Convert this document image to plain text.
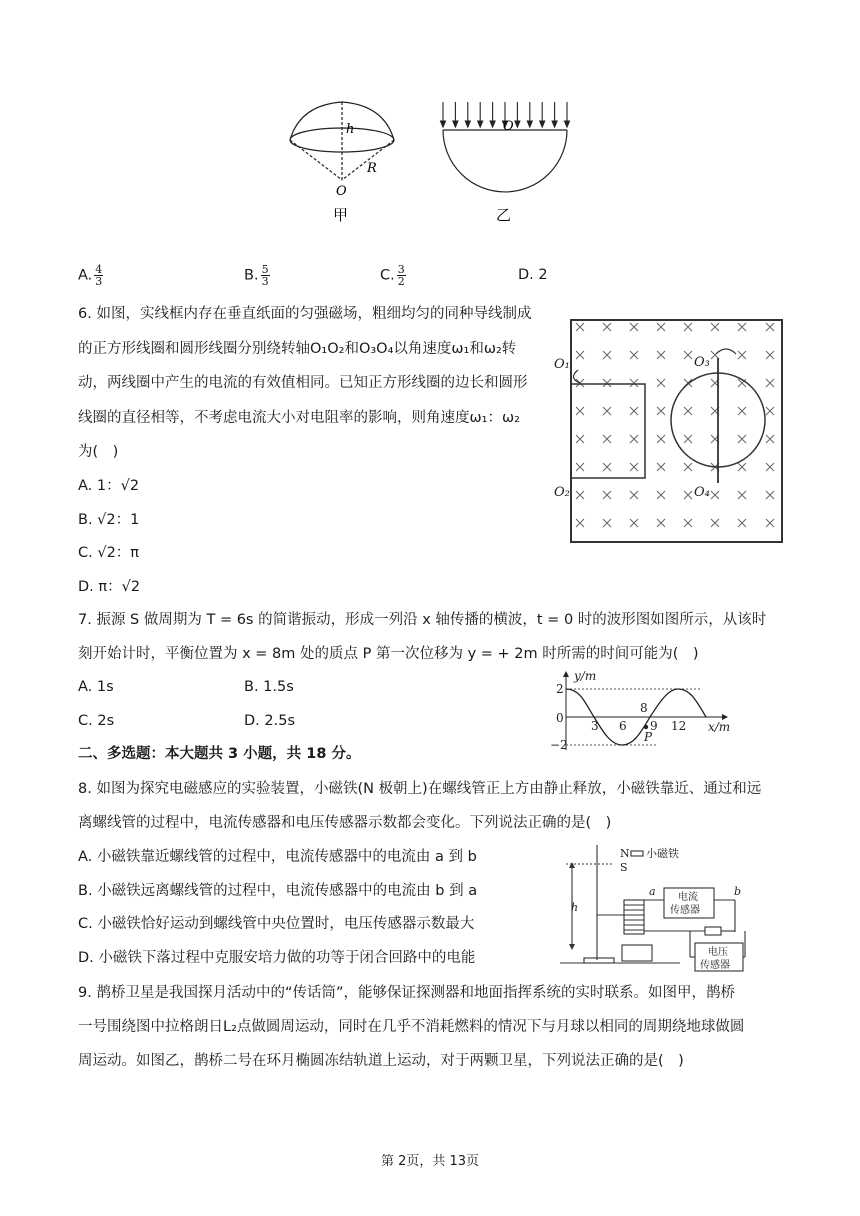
h
R
O
甲
O
乙
A. $\frac{4}{3}$	B. $\frac{5}{3}$	C. $\frac{3}{2}$	D. 2
6. 如图，实线框内存在垂直纸面的匀强磁场，粗细均匀的同种导线制成
的正方形线圈和圆形线圈分别绕转轴O₁O₂和O₃O₄以角速度ω₁和ω₂转
动，两线圈中产生的电流的有效值相同。已知正方形线圈的边长和圆形
线圈的直径相等，不考虑电流大小对电阻率的影响，则角速度ω₁：ω₂
为(　)
A. 1：√2
B. √2：1
C. √2：π
D. π：√2
O₁
O₂
O₃
O₄
7. 振源 S 做周期为 T = 6s 的简谐振动，形成一列沿 x 轴传播的横波，t = 0 时的波形图如图所示，从该时
刻开始计时，平衡位置为 x = 8m 处的质点 P 第一次位移为 y = + 2m 时所需的时间可能为(　)
A. 1s	B. 1.5s
C. 2s	D. 2.5s
y/m
x/m
0
2
−2
3 6 9 12
8
P
二、多选题：本大题共 3 小题，共 18 分。
8. 如图为探究电磁感应的实验装置，小磁铁(N 极朝上)在螺线管正上方由静止释放，小磁铁靠近、通过和远
离螺线管的过程中，电流传感器和电压传感器示数都会变化。下列说法正确的是(　)
A. 小磁铁靠近螺线管的过程中，电流传感器中的电流由 a 到 b
B. 小磁铁远离螺线管的过程中，电流传感器中的电流由 b 到 a
C. 小磁铁恰好运动到螺线管中央位置时，电压传感器示数最大
D. 小磁铁下落过程中克服安培力做的功等于闭合回路中的电能
小磁铁
N
S
a	b
h
电流
传感器
电压
传感器
9. 鹊桥卫星是我国探月活动中的“传话筒”，能够保证探测器和地面指挥系统的实时联系。如图甲，鹊桥
一号围绕图中拉格朗日L₂点做圆周运动，同时在几乎不消耗燃料的情况下与月球以相同的周期绕地球做圆
周运动。如图乙，鹊桥二号在环月椭圆冻结轨道上运动，对于两颗卫星，下列说法正确的是(　)
第 2页，共 13页
